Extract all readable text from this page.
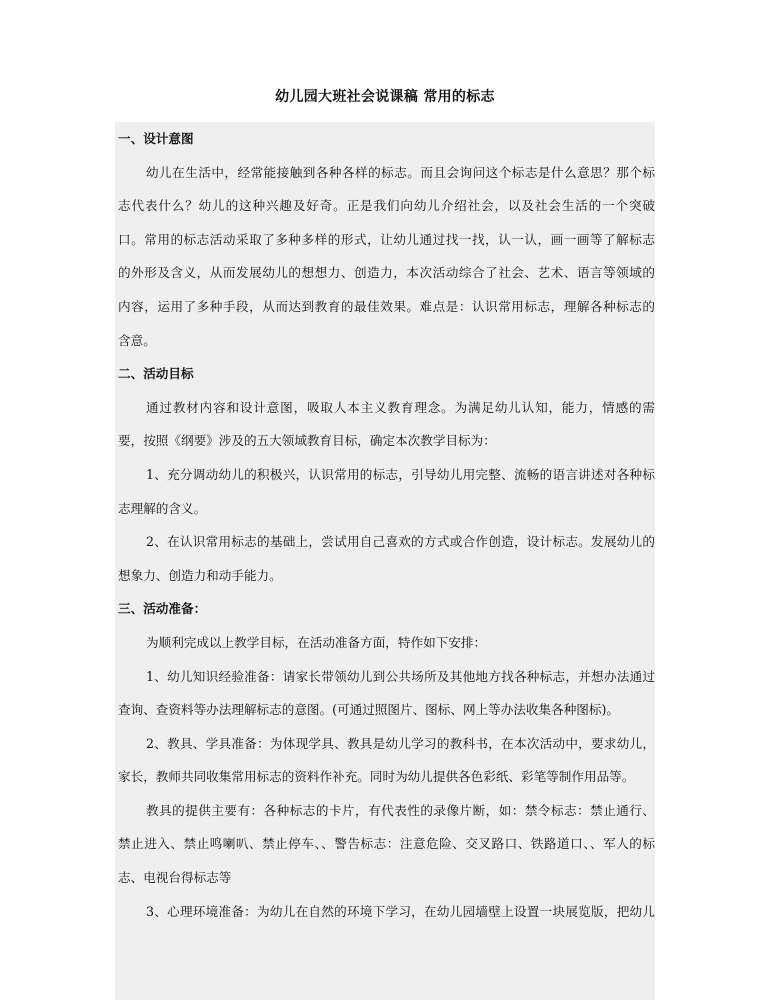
幼儿园大班社会说课稿 常用的标志
一、设计意图
幼儿在生活中，经常能接触到各种各样的标志。而且会询问这个标志是什么意思？那个标
志代表什么？幼儿的这种兴趣及好奇。正是我们向幼儿介绍社会，以及社会生活的一个突破
口。常用的标志活动采取了多种多样的形式，让幼儿通过找一找，认一认，画一画等了解标志
的外形及含义，从而发展幼儿的想想力、创造力，本次活动综合了社会、艺术、语言等领域的
内容，运用了多种手段，从而达到教育的最佳效果。难点是：认识常用标志，理解各种标志的
含意。
二、活动目标
通过教材内容和设计意图，吸取人本主义教育理念。为满足幼儿认知，能力，情感的需
要，按照《纲要》涉及的五大领域教育目标，确定本次教学目标为：
1、充分调动幼儿的积极兴，认识常用的标志，引导幼儿用完整、流畅的语言讲述对各种标
志理解的含义。
2、在认识常用标志的基础上，尝试用自己喜欢的方式或合作创造，设计标志。发展幼儿的
想象力、创造力和动手能力。
三、活动准备：
为顺利完成以上教学目标，在活动准备方面，特作如下安排：
1、幼儿知识经验准备：请家长带领幼儿到公共场所及其他地方找各种标志，并想办法通过
查询、查资料等办法理解标志的意图。(可通过照图片、图标、网上等办法收集各种图标)。
2、教具、学具准备：为体现学具、教具是幼儿学习的教科书，在本次活动中，要求幼儿，
家长，教师共同收集常用标志的资料作补充。同时为幼儿提供各色彩纸、彩笔等制作用品等。
教具的提供主要有：各种标志的卡片，有代表性的录像片断，如：禁令标志：禁止通行、
禁止进入、禁止鸣喇叭、禁止停车、、警告标志：注意危险、交叉路口、铁路道口、、军人的标
志、电视台得标志等
3、心理环境准备：为幼儿在自然的环境下学习，在幼儿园墙壁上设置一块展览版，把幼儿
